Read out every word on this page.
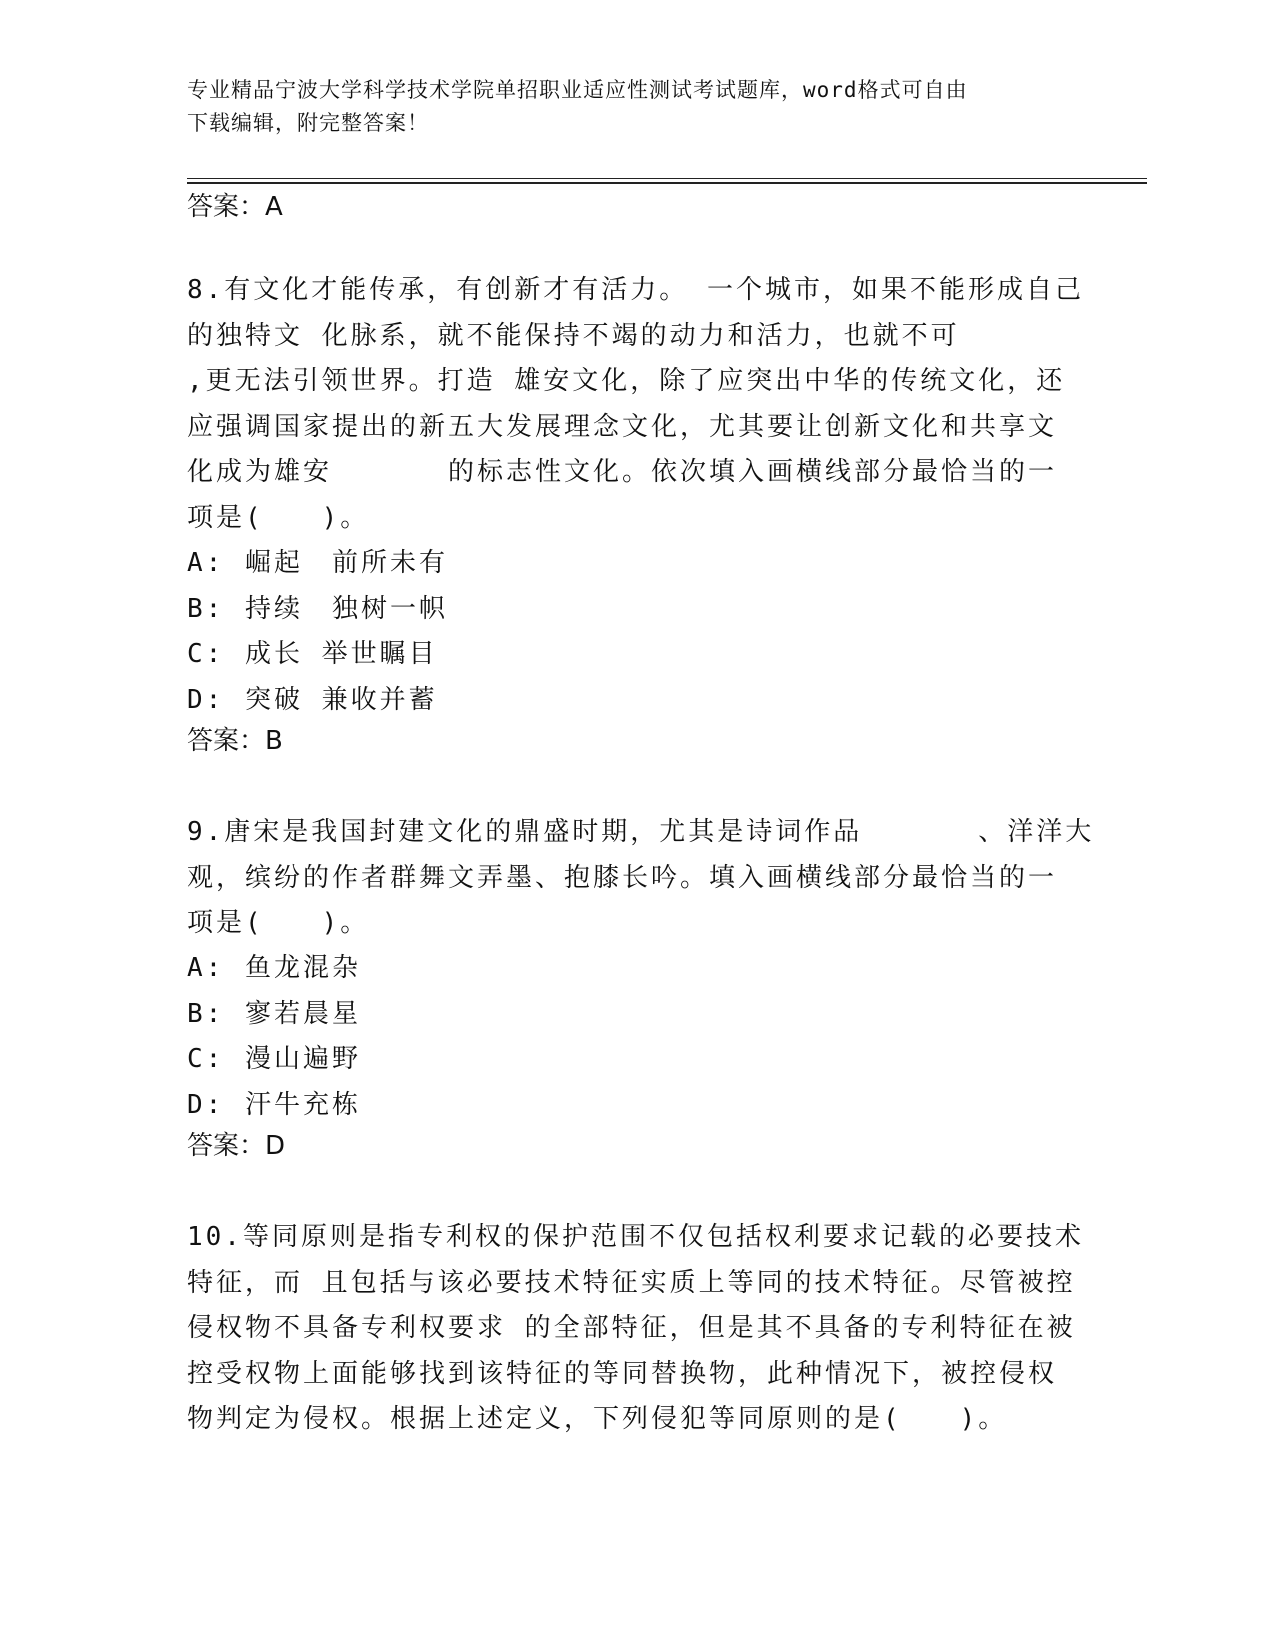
专业精品宁波大学科学技术学院单招职业适应性测试考试题库，word格式可自由
下载编辑，附完整答案！
答案：A
8.有文化才能传承，有创新才有活力。 一个城市，如果不能形成自己
的独特文 化脉系，就不能保持不竭的动力和活力，也就不可
,更无法引领世界。打造 雄安文化，除了应突出中华的传统文化，还
应强调国家提出的新五大发展理念文化，尤其要让创新文化和共享文
化成为雄安　　　　的标志性文化。依次填入画横线部分最恰当的一
项是(　　)。
A: 崛起　前所未有
B: 持续　独树一帜
C: 成长 举世瞩目
D: 突破 兼收并蓄
答案：B
9.唐宋是我国封建文化的鼎盛时期，尤其是诗词作品　　　　、洋洋大
观，缤纷的作者群舞文弄墨、抱膝长吟。填入画横线部分最恰当的一
项是(　　)。
A: 鱼龙混杂
B: 寥若晨星
C: 漫山遍野
D: 汗牛充栋
答案：D
10.等同原则是指专利权的保护范围不仅包括权利要求记载的必要技术
特征，而 且包括与该必要技术特征实质上等同的技术特征。尽管被控
侵权物不具备专利权要求 的全部特征，但是其不具备的专利特征在被
控受权物上面能够找到该特征的等同替换物，此种情况下，被控侵权
物判定为侵权。根据上述定义，下列侵犯等同原则的是(　　)。
